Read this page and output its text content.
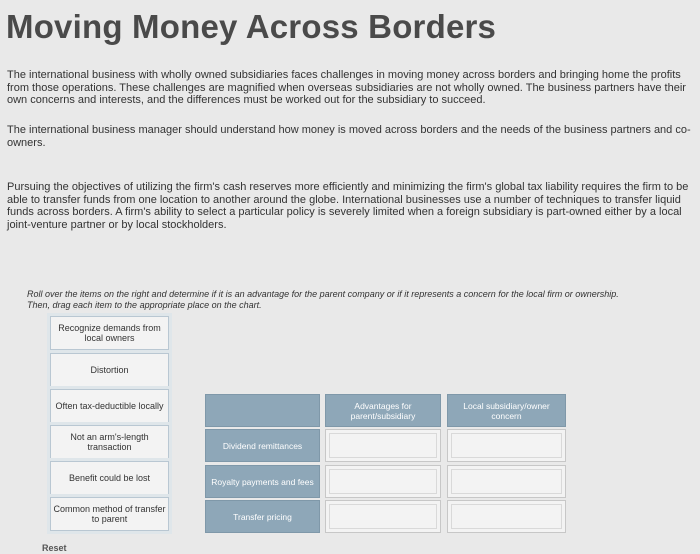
Moving Money Across Borders
The international business with wholly owned subsidiaries faces challenges in moving money across borders and bringing home the profits from those operations. These challenges are magnified when overseas subsidiaries are not wholly owned. The business partners have their own concerns and interests, and the differences must be worked out for the subsidiary to succeed.
The international business manager should understand how money is moved across borders and the needs of the business partners and co-owners.
Pursuing the objectives of utilizing the firm's cash reserves more efficiently and minimizing the firm's global tax liability requires the firm to be able to transfer funds from one location to another around the globe. International businesses use a number of techniques to transfer liquid funds across borders. A firm's ability to select a particular policy is severely limited when a foreign subsidiary is part-owned either by a local joint-venture partner or by local stockholders.
Roll over the items on the right and determine if it is an advantage for the parent company or if it represents a concern for the local firm or ownership. Then, drag each item to the appropriate place on the chart.
Recognize demands from local owners
Distortion
Often tax-deductible locally
Not an arm's-length transaction
Benefit could be lost
Common method of transfer to parent
Advantages for parent/subsidiary
Local subsidiary/owner concern
Dividend remittances
Royalty payments and fees
Transfer pricing
Reset
